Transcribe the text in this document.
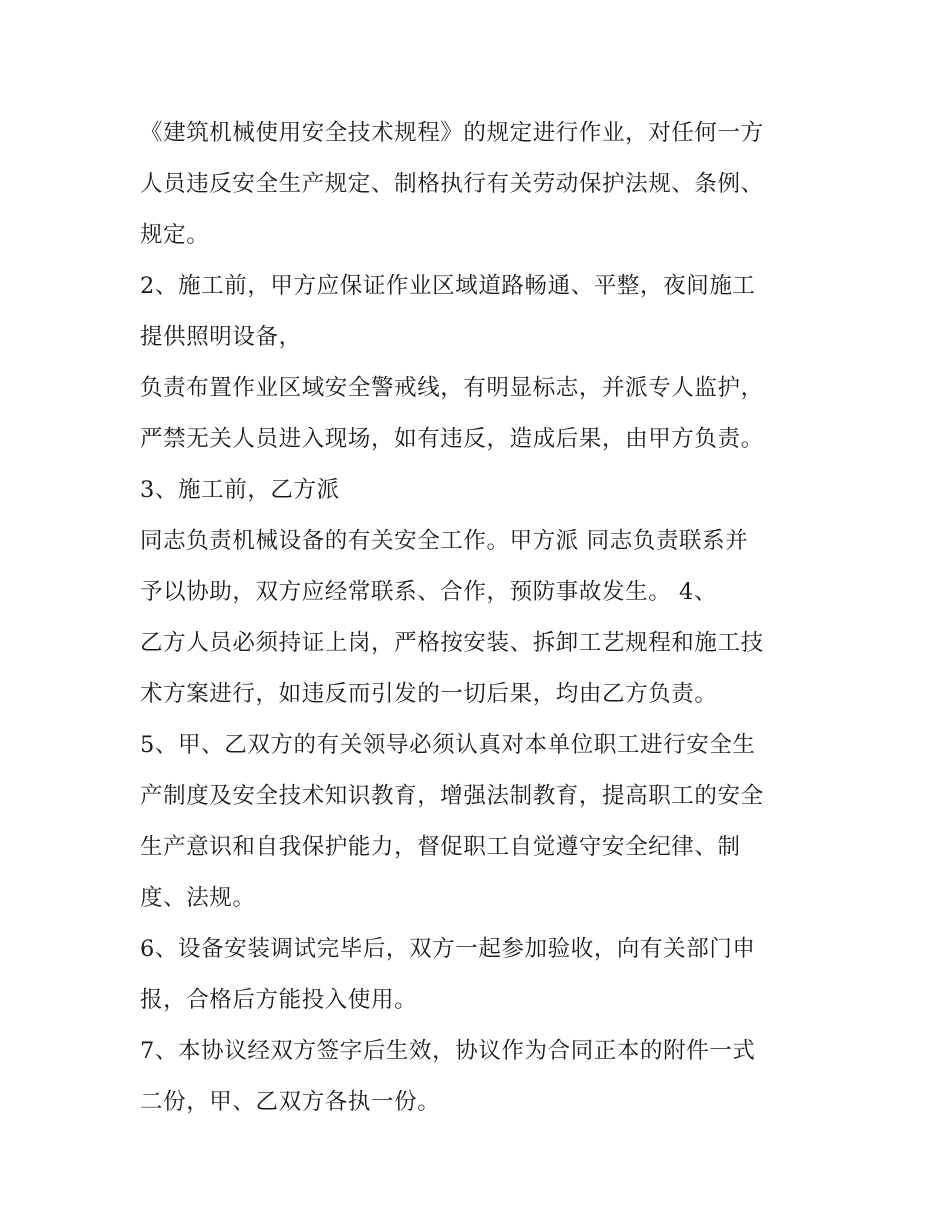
《建筑机械使用安全技术规程》的规定进行作业，对任何一方
人员违反安全生产规定、制格执行有关劳动保护法规、条例、
规定。
2、施工前，甲方应保证作业区域道路畅通、平整，夜间施工
提供照明设备，
负责布置作业区域安全警戒线，有明显标志，并派专人监护，
严禁无关人员进入现场，如有违反，造成后果，由甲方负责。
3、施工前，乙方派
同志负责机械设备的有关安全工作。甲方派 同志负责联系并
予以协助，双方应经常联系、合作，预防事故发生。 4、
乙方人员必须持证上岗，严格按安装、拆卸工艺规程和施工技
术方案进行，如违反而引发的一切后果，均由乙方负责。
5、甲、乙双方的有关领导必须认真对本单位职工进行安全生
产制度及安全技术知识教育，增强法制教育，提高职工的安全
生产意识和自我保护能力，督促职工自觉遵守安全纪律、制
度、法规。
6、设备安装调试完毕后，双方一起参加验收，向有关部门申
报，合格后方能投入使用。
7、本协议经双方签字后生效，协议作为合同正本的附件一式
二份，甲、乙双方各执一份。
